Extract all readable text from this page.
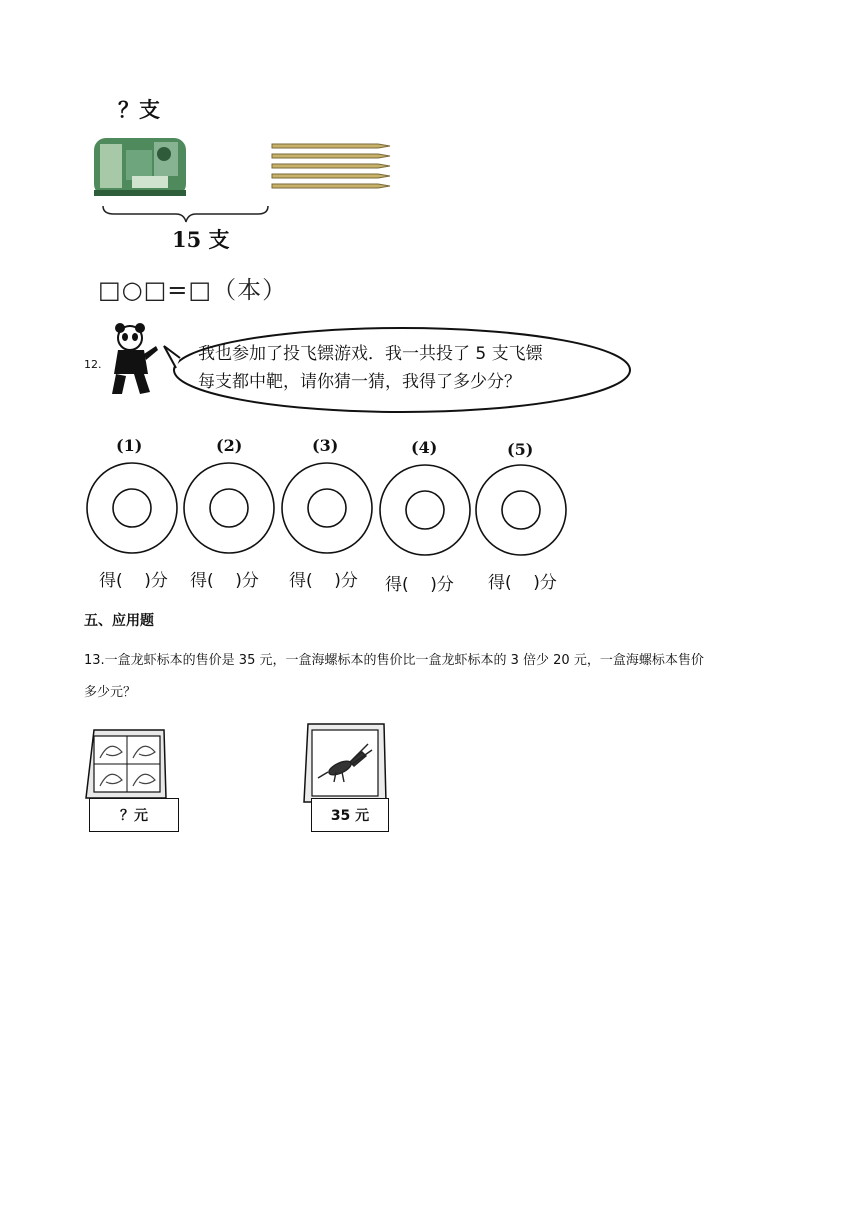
？支
15 支
□○□=□（本）
12.
我也参加了投飞镖游戏．我一共投了 5 支飞镖
每支都中靶，请你猜一猜，我得了多少分？
(1)	(2)	(3)	(4)	(5)
得(    )分 得(    )分 得(    )分 得(    )分 得(    )分
五、应用题
13.一盒龙虾标本的售价是 35 元，一盒海螺标本的售价比一盒龙虾标本的 3 倍少 20 元，一盒海螺标本售价
多少元？
？元	35 元
